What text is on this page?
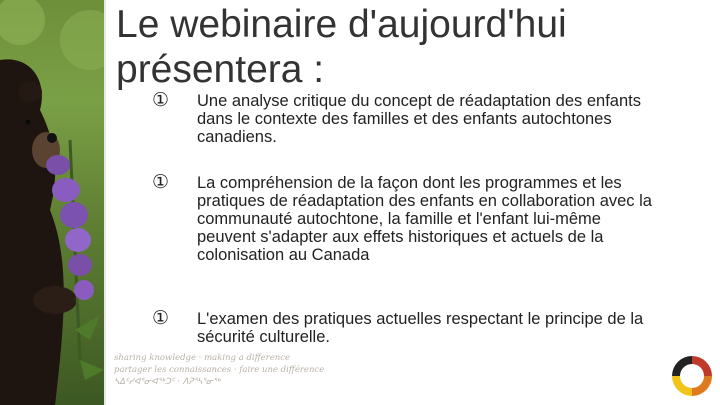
Le webinaire d'aujourd'hui
présentera :
①	Une analyse critique du concept de réadaptation des enfants dans le contexte des familles et des enfants autochtones canadiens.
①	La compréhension de la façon dont les programmes et les pratiques de réadaptation des enfants en collaboration avec la communauté autochtone, la famille et l'enfant lui-même peuvent s'adapter aux effets historiques et actuels de la colonisation au Canada
①	L'examen des pratiques actuelles respectant le principe de la sécurité culturelle.
sharing knowledge · making a difference
partager les connaissances · faire une différence
ᓴᐃᑦᓯᐊᕐᓂᐊᖅᑐᑦ · ᐱᕈᕐᓴᕐᓂᖅ
